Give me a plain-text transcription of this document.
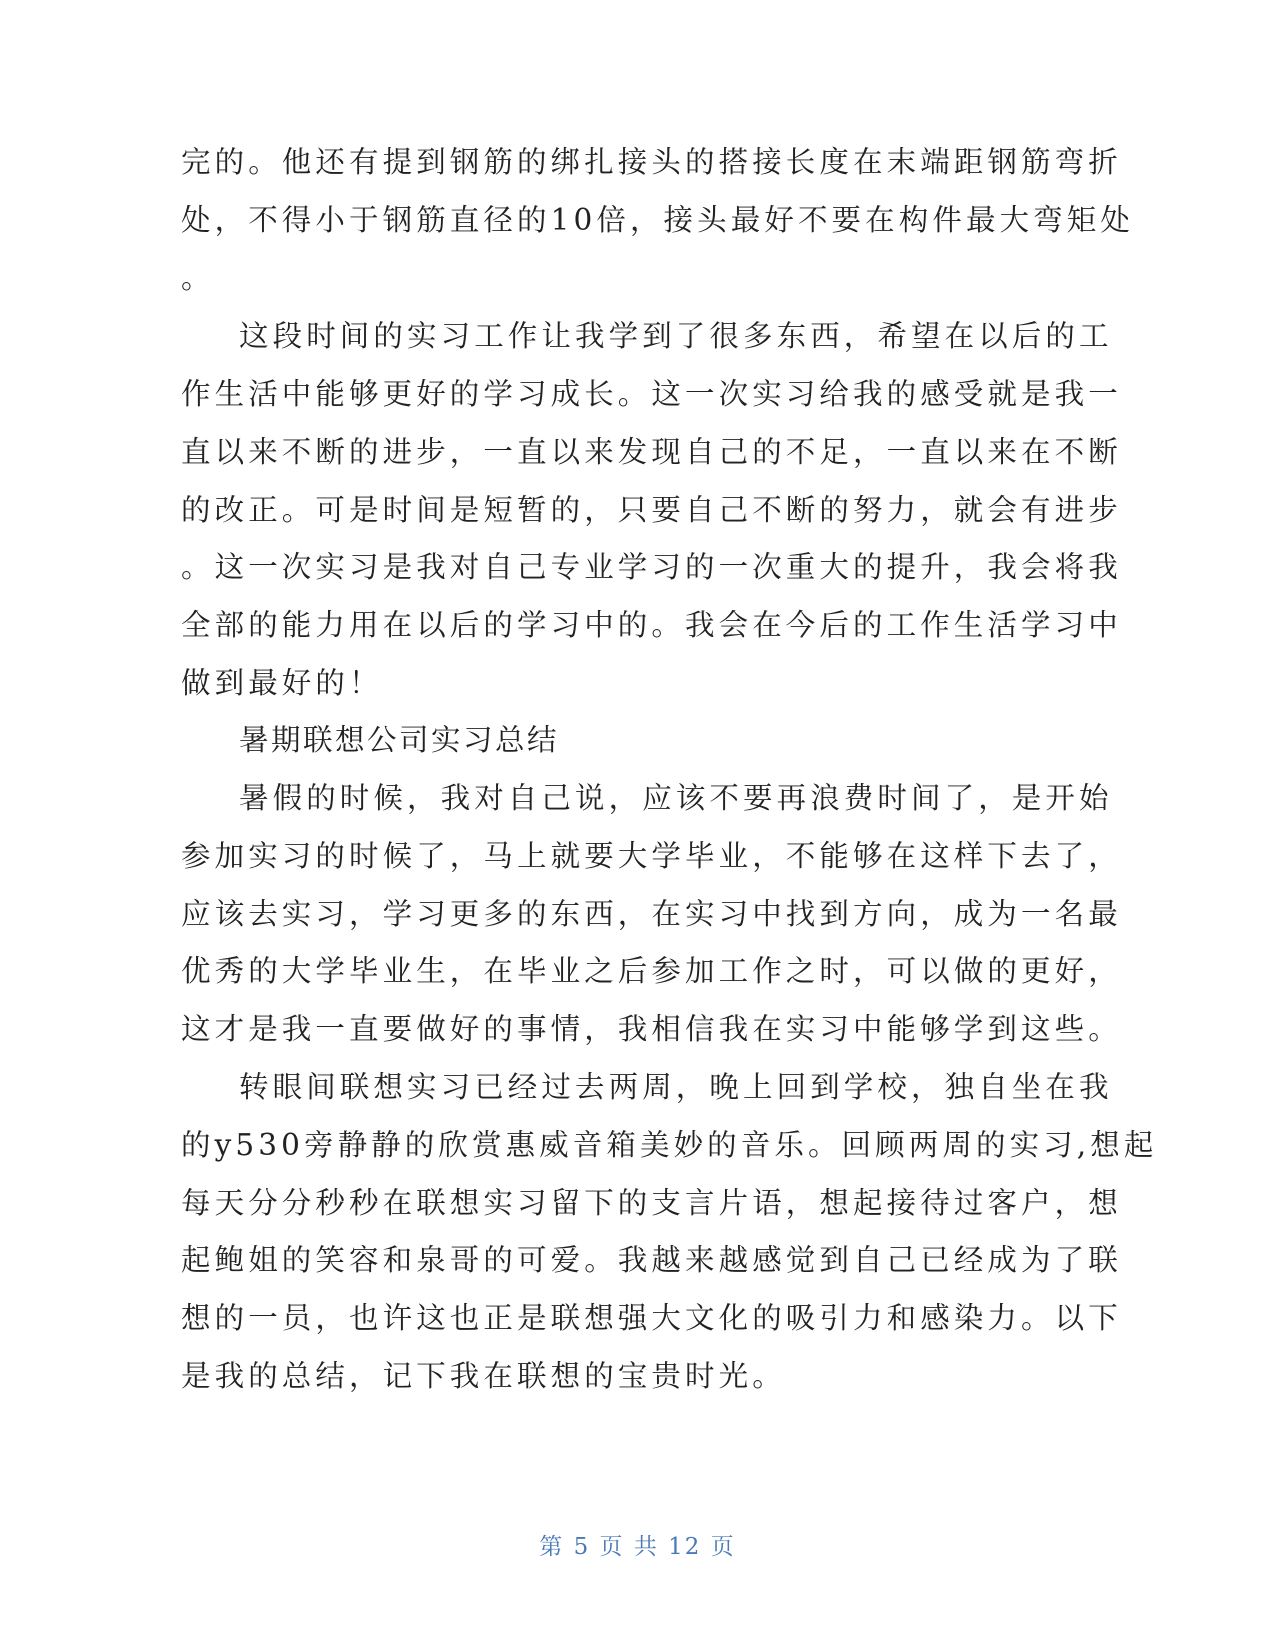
完的。他还有提到钢筋的绑扎接头的搭接长度在末端距钢筋弯折
处，不得小于钢筋直径的10倍，接头最好不要在构件最大弯矩处
。
这段时间的实习工作让我学到了很多东西，希望在以后的工
作生活中能够更好的学习成长。这一次实习给我的感受就是我一
直以来不断的进步，一直以来发现自己的不足，一直以来在不断
的改正。可是时间是短暂的，只要自己不断的努力，就会有进步
。这一次实习是我对自己专业学习的一次重大的提升，我会将我
全部的能力用在以后的学习中的。我会在今后的工作生活学习中
做到最好的！
暑期联想公司实习总结
暑假的时候，我对自己说，应该不要再浪费时间了，是开始
参加实习的时候了，马上就要大学毕业，不能够在这样下去了，
应该去实习，学习更多的东西，在实习中找到方向，成为一名最
优秀的大学毕业生，在毕业之后参加工作之时，可以做的更好，
这才是我一直要做好的事情，我相信我在实习中能够学到这些。
转眼间联想实习已经过去两周，晚上回到学校，独自坐在我
的y530旁静静的欣赏惠威音箱美妙的音乐。回顾两周的实习,想起
每天分分秒秒在联想实习留下的支言片语，想起接待过客户，想
起鲍姐的笑容和泉哥的可爱。我越来越感觉到自己已经成为了联
想的一员，也许这也正是联想强大文化的吸引力和感染力。以下
是我的总结，记下我在联想的宝贵时光。
第 5 页 共 12 页
